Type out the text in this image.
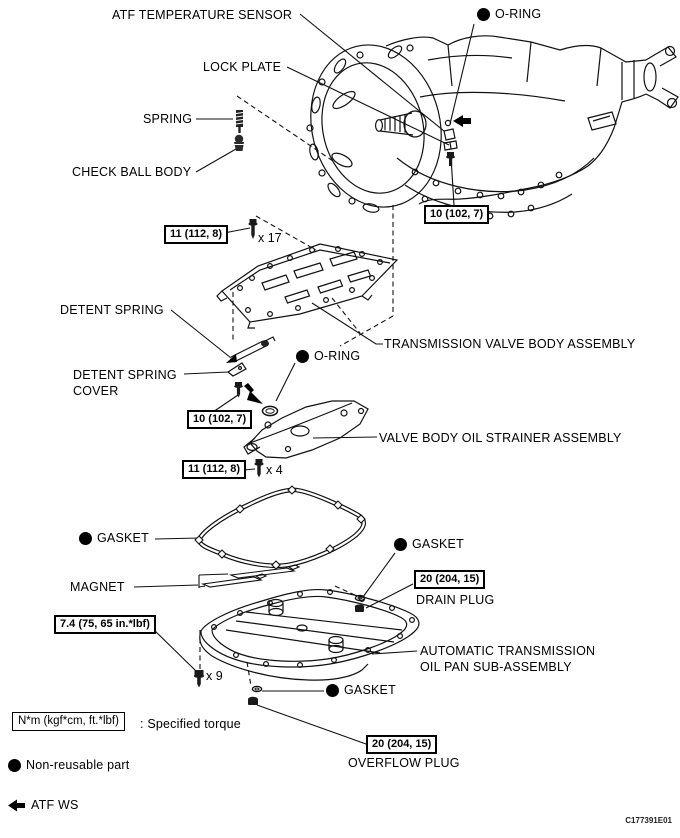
ATF TEMPERATURE SENSOR	O-RING
LOCK PLATE
SPRING
CHECK BALL BODY
11 (112, 8)	x 17
10 (102, 7)
TRANSMISSION VALVE BODY ASSEMBLY
DETENT SPRING
O-RING
DETENT SPRING
COVER
10 (102, 7)
VALVE BODY OIL STRAINER ASSEMBLY
11 (112, 8)	x 4
GASKET
MAGNET
GASKET
20 (204, 15)
DRAIN PLUG
7.4 (75, 65 in.*lbf)
x 9
AUTOMATIC TRANSMISSION
OIL PAN SUB-ASSEMBLY
GASKET
20 (204, 15)
OVERFLOW PLUG
N*m (kgf*cm, ft.*lbf)	: Specified torque
Non-reusable part
ATF WS
C177391E01
